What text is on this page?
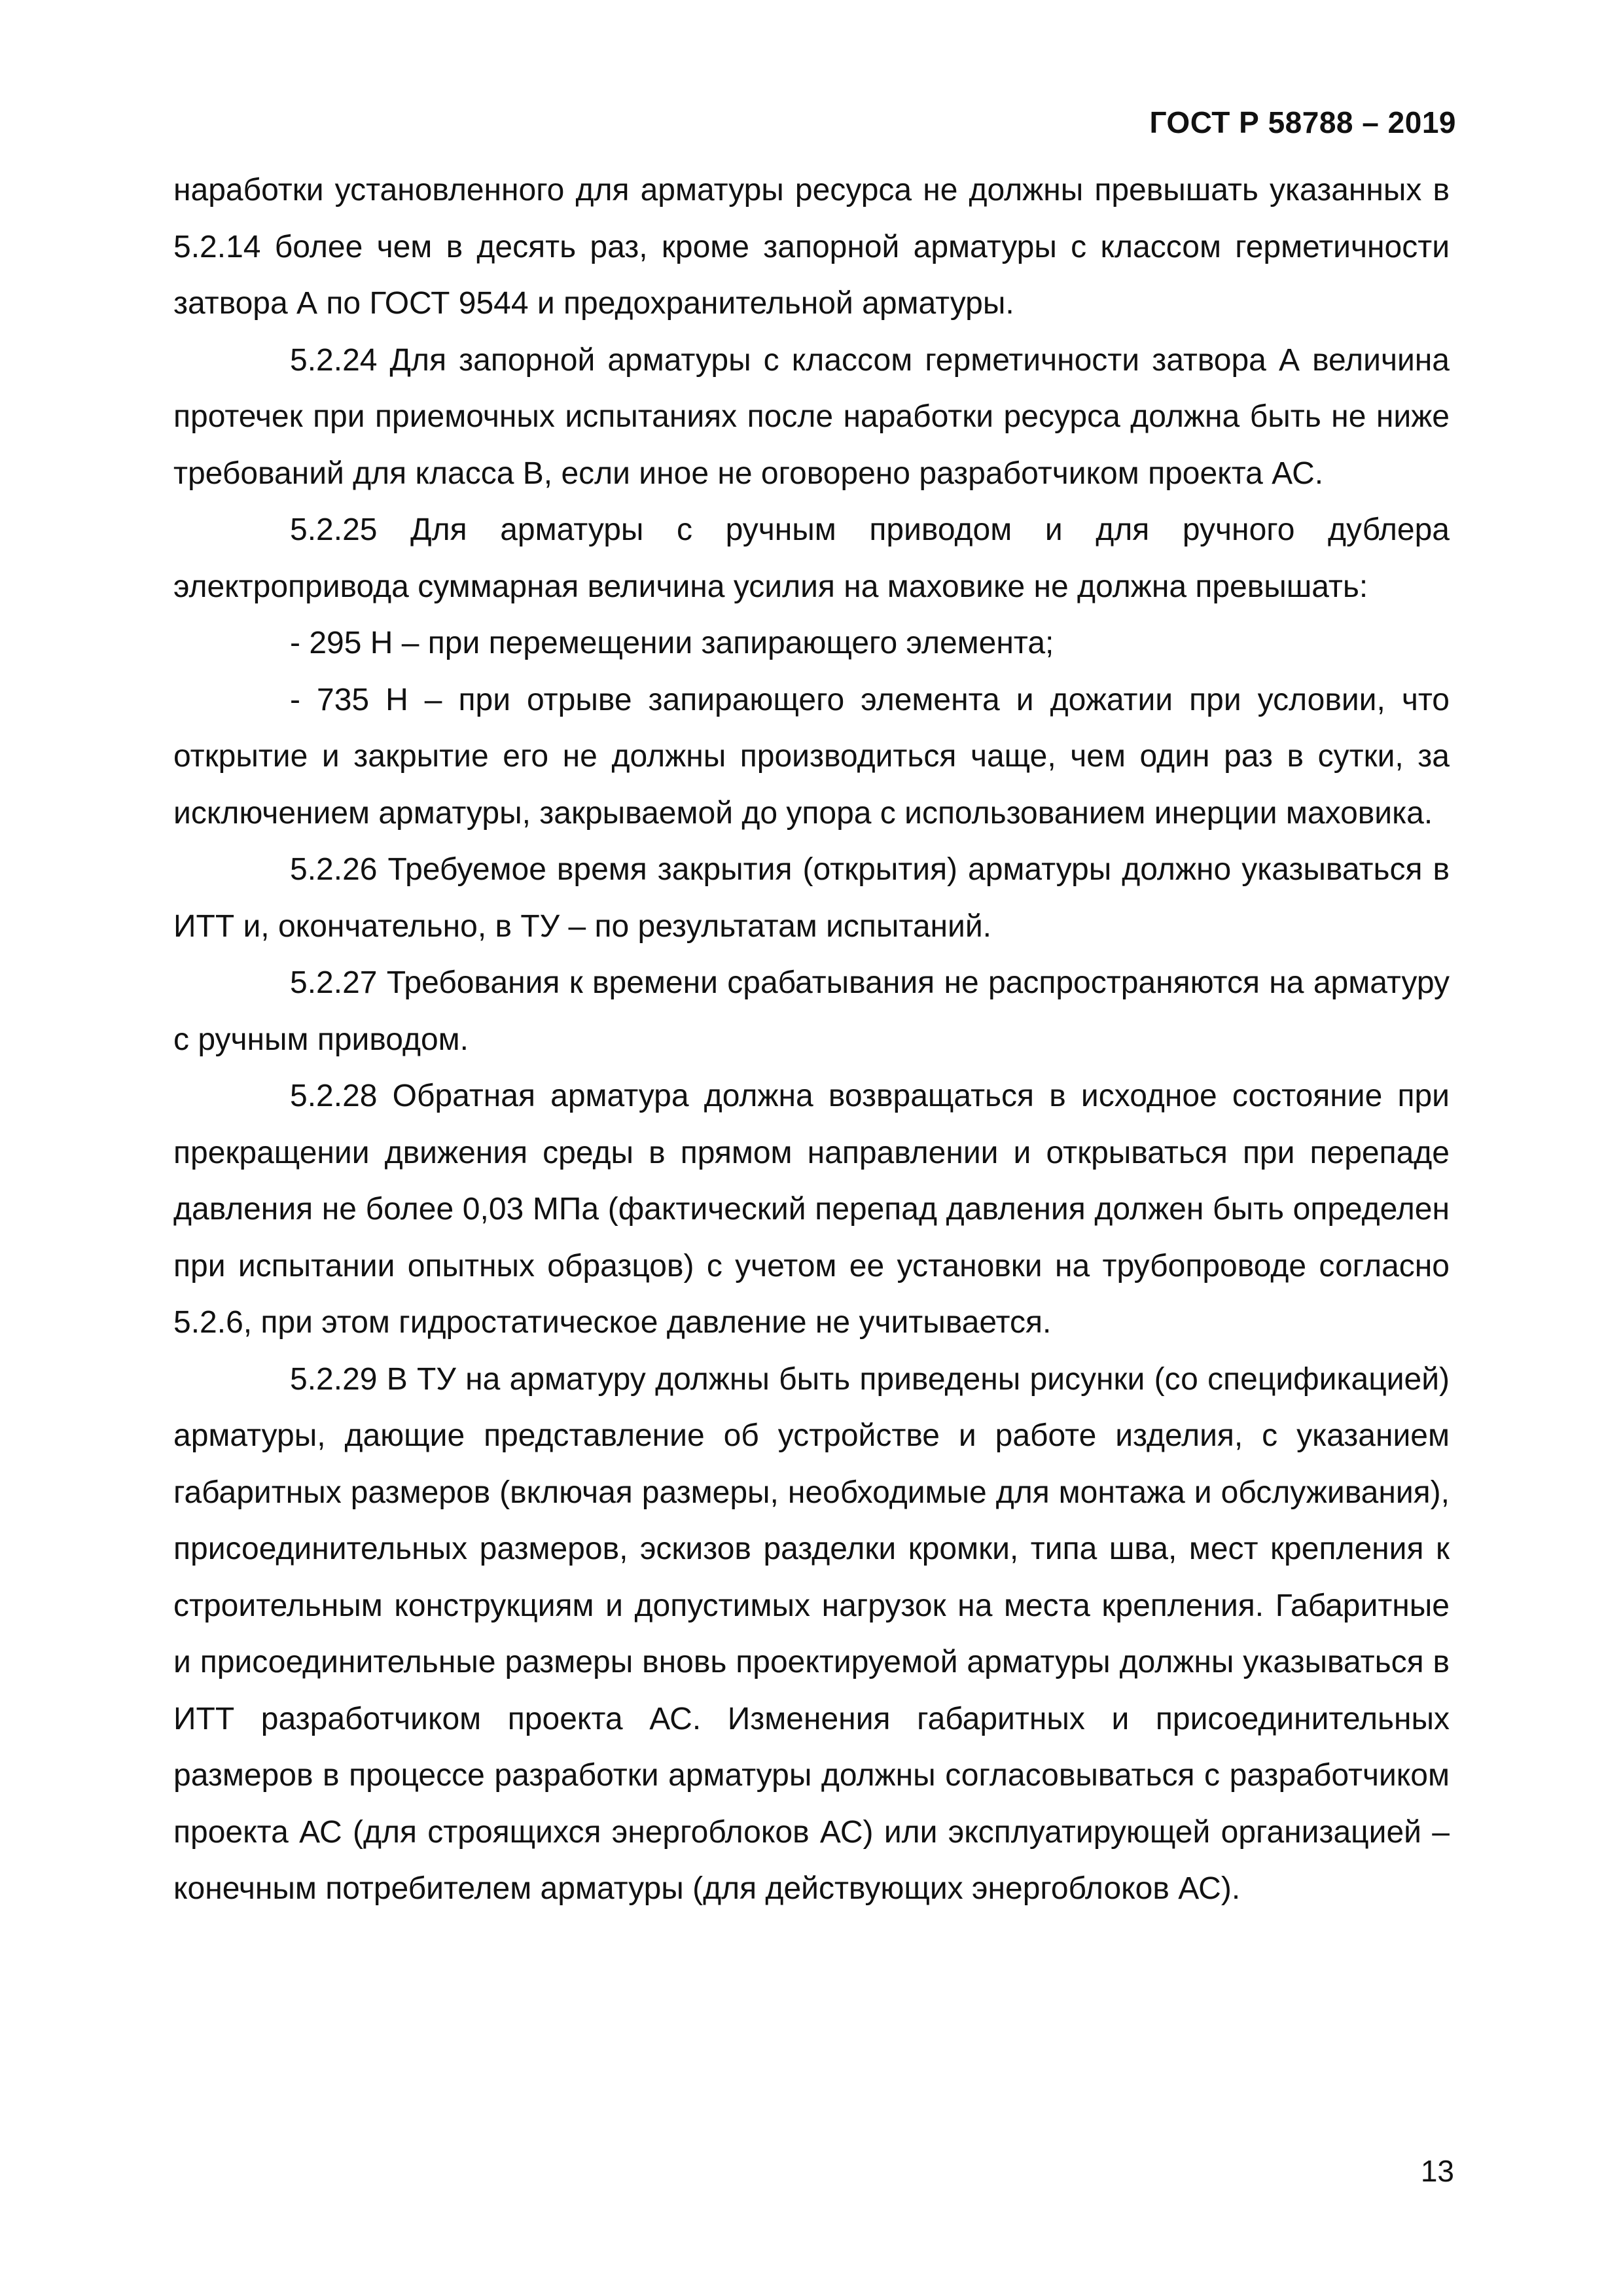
ГОСТ Р 58788 – 2019

наработки установленного для арматуры ресурса не должны превышать указанных в 5.2.14 более чем в десять раз, кроме запорной арматуры с классом герметичности затвора А по ГОСТ 9544 и предохранительной арматуры.

5.2.24 Для запорной арматуры с классом герметичности затвора А величина протечек при приемочных испытаниях после наработки ресурса должна быть не ниже требований для класса В, если иное не оговорено разработчиком проекта АС.

5.2.25 Для арматуры с ручным приводом и для ручного дублера электропривода суммарная величина усилия на маховике не должна превышать:

- 295 Н – при перемещении запирающего элемента;

- 735 Н – при отрыве запирающего элемента и дожатии при условии, что открытие и закрытие его не должны производиться чаще, чем один раз в сутки, за исключением арматуры, закрываемой до упора с использованием инерции маховика.

5.2.26 Требуемое время закрытия (открытия) арматуры должно указываться в ИТТ и, окончательно, в ТУ – по результатам испытаний.

5.2.27 Требования к времени срабатывания не распространяются на арматуру с ручным приводом.

5.2.28 Обратная арматура должна возвращаться в исходное состояние при прекращении движения среды в прямом направлении и открываться при перепаде давления не более 0,03 МПа (фактический перепад давления должен быть определен при испытании опытных образцов) с учетом ее установки на трубопроводе согласно 5.2.6, при этом гидростатическое давление не учитывается.

5.2.29 В ТУ на арматуру должны быть приведены рисунки (со спецификацией) арматуры, дающие представление об устройстве и работе изделия, с указанием габаритных размеров (включая размеры, необходимые для монтажа и обслуживания), присоединительных размеров, эскизов разделки кромки, типа шва, мест крепления к строительным конструкциям и допустимых нагрузок на места крепления. Габаритные и присоединительные размеры вновь проектируемой арматуры должны указываться в ИТТ разработчиком проекта АС. Изменения габаритных и присоединительных размеров в процессе разработки арматуры должны согласовываться с разработчиком проекта АС (для строящихся энергоблоков АС) или эксплуатирующей организацией – конечным потребителем арматуры (для действующих энергоблоков АС).

13
